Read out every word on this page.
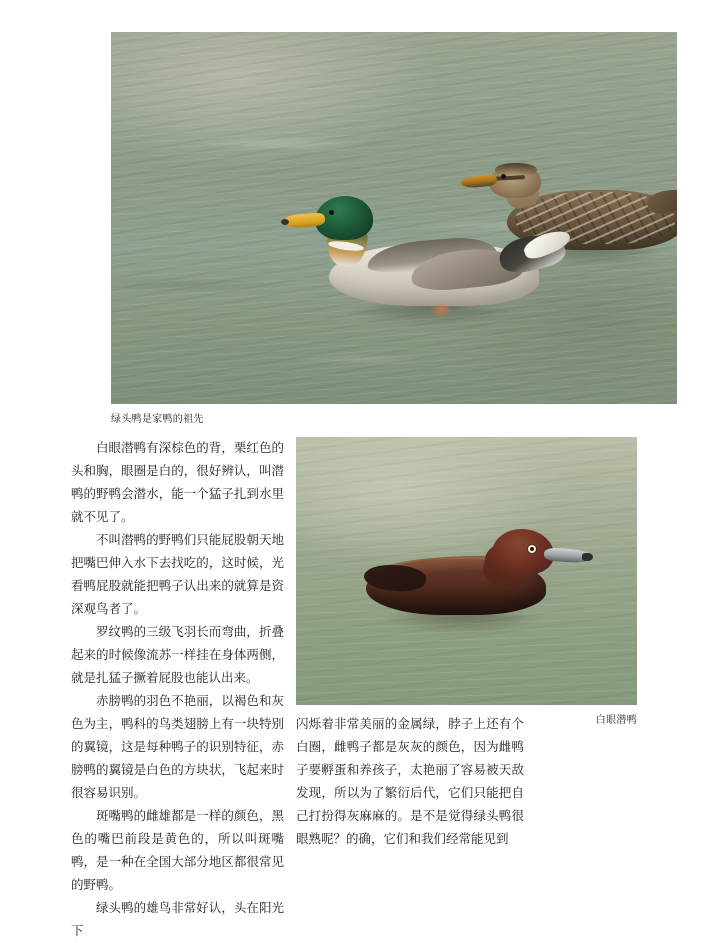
绿头鸭是家鸭的祖先

白眼潜鸭有深棕色的背，栗红色的头和胸，眼圈是白的，很好辨认，叫潜鸭的野鸭会潜水，能一个猛子扎到水里就不见了。

不叫潜鸭的野鸭们只能屁股朝天地把嘴巴伸入水下去找吃的，这时候，光看鸭屁股就能把鸭子认出来的就算是资深观鸟者了。

罗纹鸭的三级飞羽长而弯曲，折叠起来的时候像流苏一样挂在身体两侧，就是扎猛子撅着屁股也能认出来。

赤膀鸭的羽色不艳丽，以褐色和灰色为主，鸭科的鸟类翅膀上有一块特别的翼镜，这是每种鸭子的识别特征，赤膀鸭的翼镜是白色的方块状，飞起来时很容易识别。

斑嘴鸭的雌雄都是一样的颜色，黑色的嘴巴前段是黄色的，所以叫斑嘴鸭，是一种在全国大部分地区都很常见的野鸭。

绿头鸭的雄鸟非常好认，头在阳光下

闪烁着非常美丽的金属绿，脖子上还有个白圈，雌鸭子都是灰灰的颜色，因为雌鸭子要孵蛋和养孩子，太艳丽了容易被天敌发现，所以为了繁衍后代，它们只能把自己打扮得灰麻麻的。是不是觉得绿头鸭很眼熟呢？的确，它们和我们经常能见到

白眼潜鸭
